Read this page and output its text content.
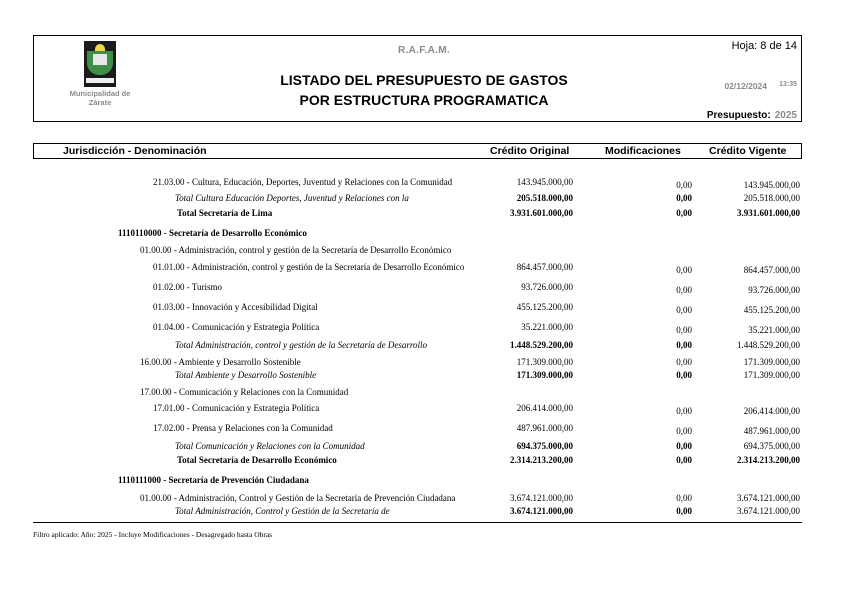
Municipalidad de
Zárate
R.A.F.A.M.
LISTADO DEL PRESUPUESTO DE GASTOS
POR ESTRUCTURA PROGRAMATICA
Hoja: 8 de 14
02/12/2024 13:35
Presupuesto: 2025
Jurisdicción - Denominación	Crédito Original	Modificaciones	Crédito Vigente
21.03.00 - Cultura, Educación, Deportes, Juventud y Relaciones con la Comunidad	143.945.000,00	0,00	143.945.000,00
Total Cultura Educación Deportes, Juventud y Relaciones con la	205.518.000,00	0,00	205.518.000,00
Total Secretaría de Lima	3.931.601.000,00	0,00	3.931.601.000,00
1110110000 - Secretaría de Desarrollo Económico
01.00.00 - Administración, control y gestión de la Secretaría de Desarrollo Económico
01.01.00 - Administración, control y gestión de la Secretaría de Desarrollo Económico	864.457.000,00	0,00	864.457.000,00
01.02.00 - Turismo	93.726.000,00	0,00	93.726.000,00
01.03.00 - Innovación y Accesibilidad Digital	455.125.200,00	0,00	455.125.200,00
01.04.00 - Comunicación y Estrategia Política	35.221.000,00	0,00	35.221.000,00
Total Administración, control y gestión de la Secretaría de Desarrollo	1.448.529.200,00	0,00	1.448.529.200,00
16.00.00 - Ambiente y Desarrollo Sostenible	171.309.000,00	0,00	171.309.000,00
Total Ambiente y Desarrollo Sostenible	171.309.000,00	0,00	171.309.000,00
17.00.00 - Comunicación y Relaciones con la Comunidad
17.01.00 - Comunicación y Estrategia Política	206.414.000,00	0,00	206.414.000,00
17.02.00 - Prensa y Relaciones con la Comunidad	487.961.000,00	0,00	487.961.000,00
Total Comunicación y Relaciones con la Comunidad	694.375.000,00	0,00	694.375.000,00
Total Secretaría de Desarrollo Económico	2.314.213.200,00	0,00	2.314.213.200,00
1110111000 - Secretaría de Prevención Ciudadana
01.00.00 - Administración, Control y Gestión de la Secretaría de Prevención Ciudadana	3.674.121.000,00	0,00	3.674.121.000,00
Total Administración, Control y Gestión de la Secretaría de	3.674.121.000,00	0,00	3.674.121.000,00
Filtro aplicado: Año: 2025 - Incluye Modificaciones - Desagregado hasta Obras
